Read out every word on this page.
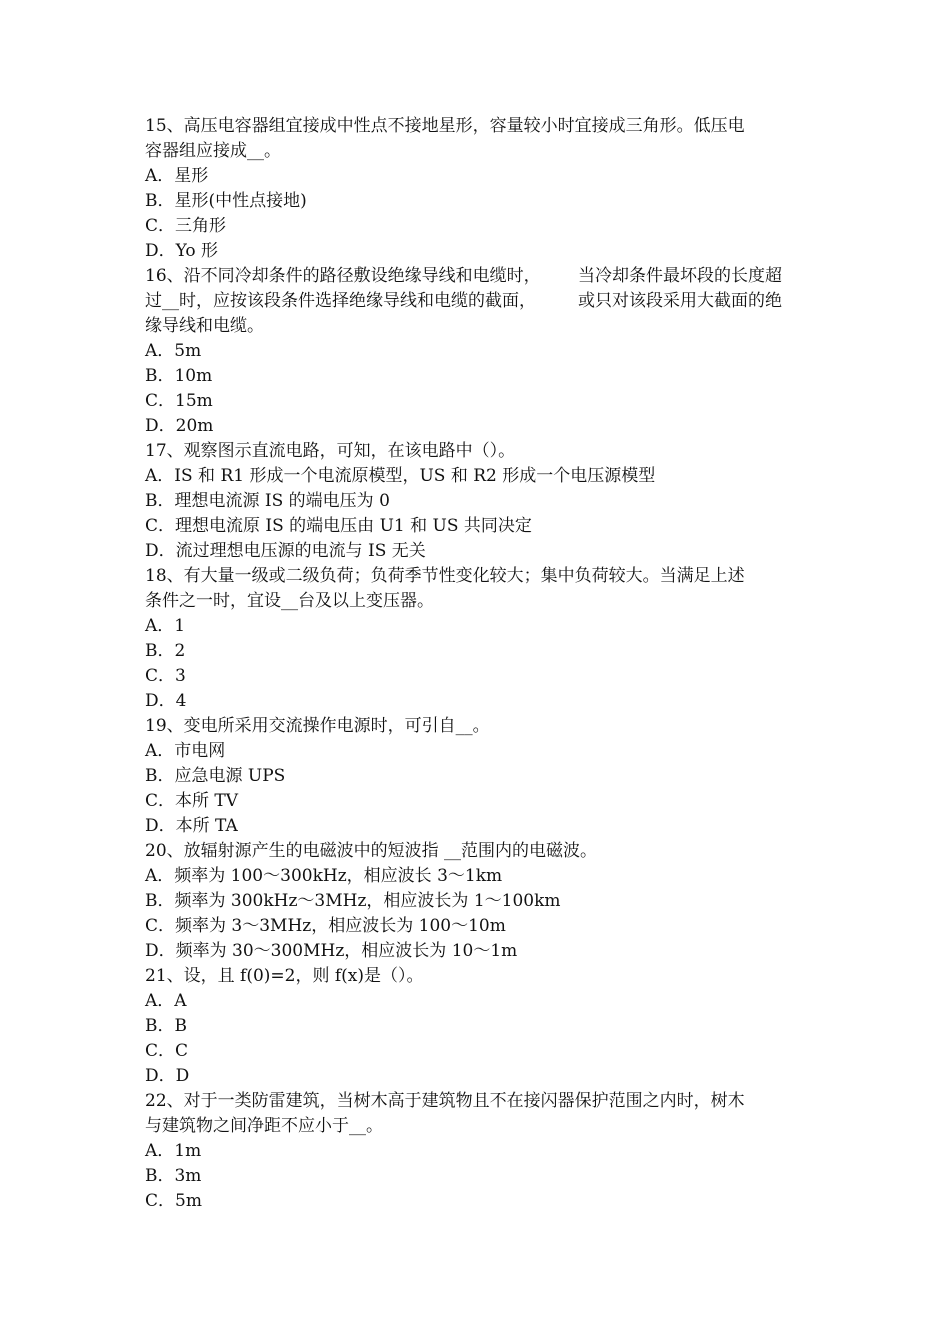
15、高压电容器组宜接成中性点不接地星形，容量较小时宜接成三角形。低压电
容器组应接成__。
A．星形
B．星形(中性点接地)
C．三角形
D．Yo 形
16、沿不同冷却条件的路径敷设绝缘导线和电缆时， 当冷却条件最坏段的长度超
过__时，应按该段条件选择绝缘导线和电缆的截面， 或只对该段采用大截面的绝
缘导线和电缆。
A．5m
B．10m
C．15m
D．20m
17、观察图示直流电路，可知，在该电路中（）。
A．IS 和 R1 形成一个电流原模型，US 和 R2 形成一个电压源模型
B．理想电流源 IS 的端电压为 0
C．理想电流原 IS 的端电压由 U1 和 US 共同决定
D．流过理想电压源的电流与 IS 无关
18、有大量一级或二级负荷；负荷季节性变化较大；集中负荷较大。当满足上述
条件之一时，宜设__台及以上变压器。
A．1
B．2
C．3
D．4
19、变电所采用交流操作电源时，可引自__。
A．市电网
B．应急电源 UPS
C．本所 TV
D．本所 TA
20、放辐射源产生的电磁波中的短波指 __范围内的电磁波。
A．频率为 100～300kHz，相应波长 3～1km
B．频率为 300kHz～3MHz，相应波长为 1～100km
C．频率为 3～3MHz，相应波长为 100～10m
D．频率为 30～300MHz，相应波长为 10～1m
21、设，且 f(0)=2，则 f(x)是（）。
A．A
B．B
C．C
D．D
22、对于一类防雷建筑，当树木高于建筑物且不在接闪器保护范围之内时，树木
与建筑物之间净距不应小于__。
A．1m
B．3m
C．5m
